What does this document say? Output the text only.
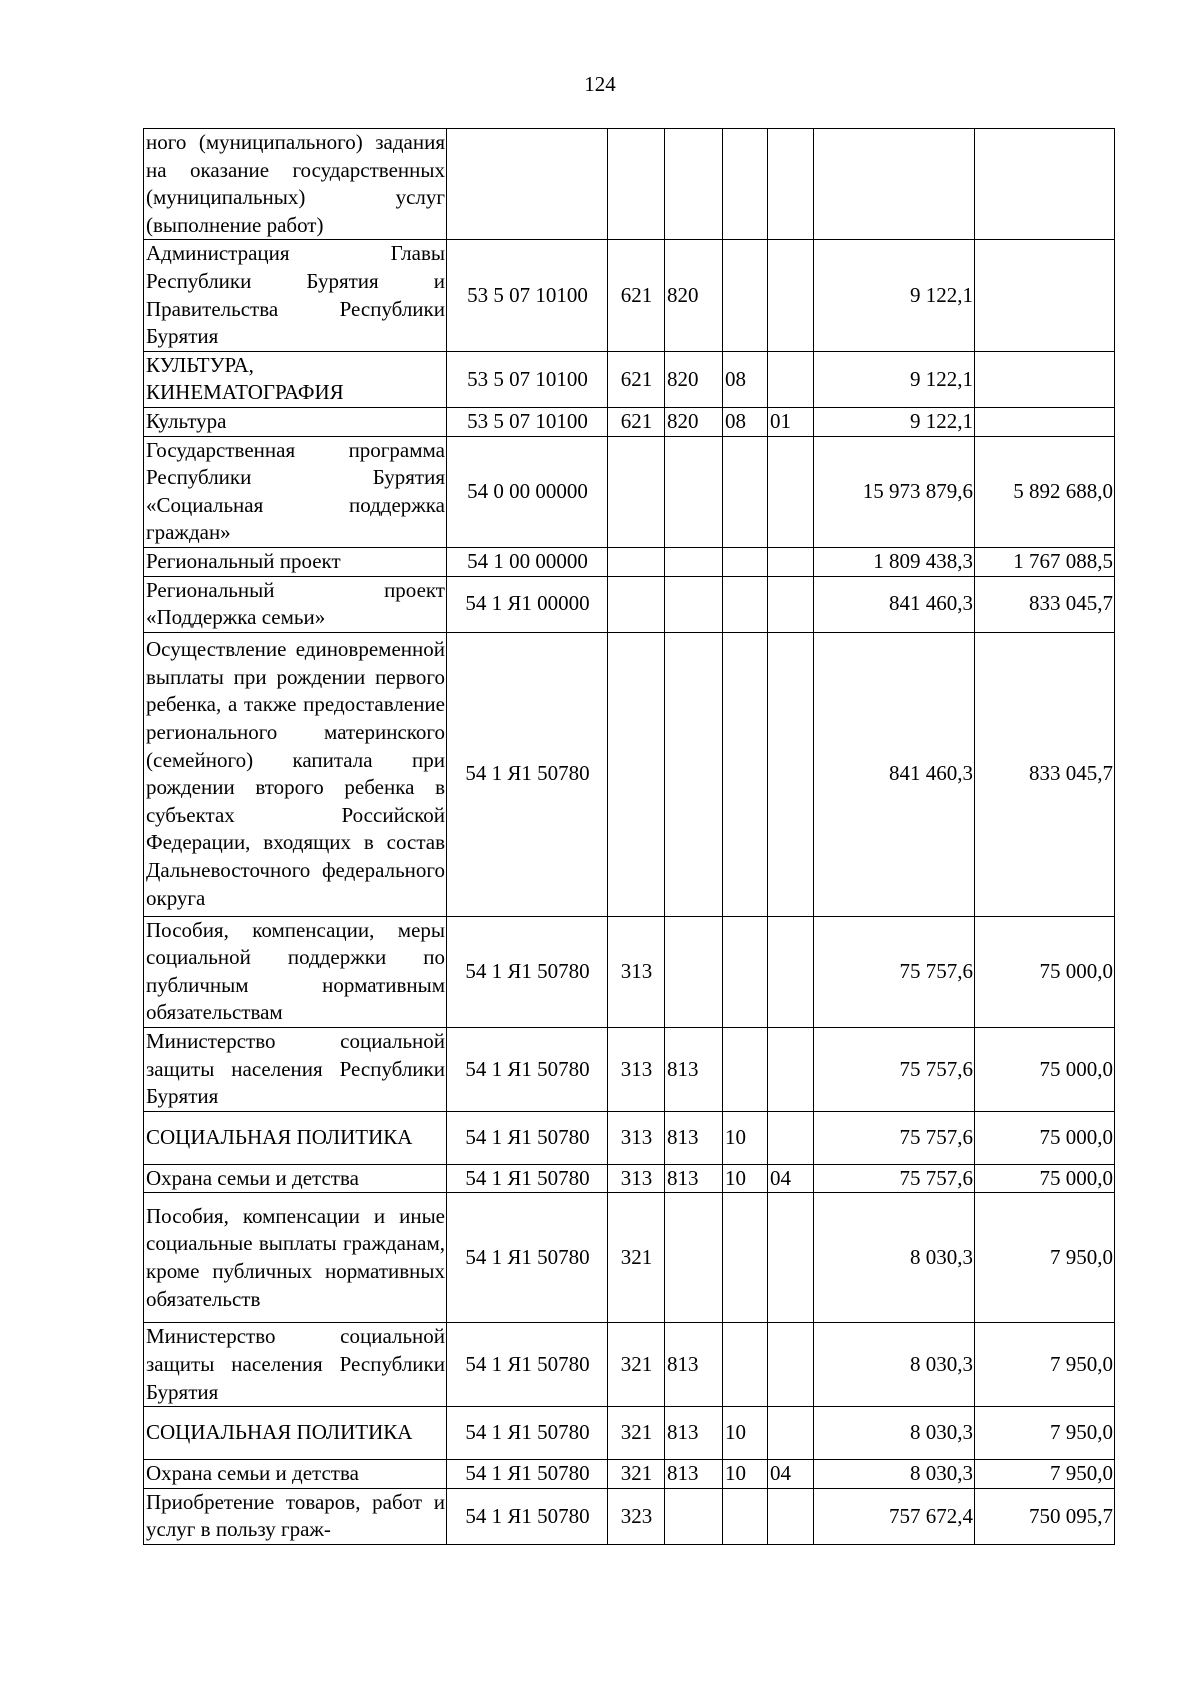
124
ного (муниципального) задания на оказание государственных (муниципальных) услуг (выполнение работ)							
Администрация Главы Республики Бурятия и Правительства Республики Бурятия	53 5 07 10100	621	820			9 122,1	
КУЛЬТУРА, КИНЕМАТОГРАФИЯ	53 5 07 10100	621	820	08		9 122,1	
Культура	53 5 07 10100	621	820	08	01	9 122,1	
Государственная программа Республики Бурятия «Социальная поддержка граждан»	54 0 00 00000					15 973 879,6	5 892 688,0
Региональный проект	54 1 00 00000					1 809 438,3	1 767 088,5
Региональный проект «Поддержка семьи»	54 1 Я1 00000					841 460,3	833 045,7
Осуществление единовременной выплаты при рождении первого ребенка, а также предоставление регионального материнского (семейного) капитала при рождении второго ребенка в субъектах Российской Федерации, входящих в состав Дальневосточного федерального округа	54 1 Я1 50780					841 460,3	833 045,7
Пособия, компенсации, меры социальной поддержки по публичным нормативным обязательствам	54 1 Я1 50780	313				75 757,6	75 000,0
Министерство социальной защиты населения Республики Бурятия	54 1 Я1 50780	313	813			75 757,6	75 000,0
СОЦИАЛЬНАЯ ПОЛИТИКА	54 1 Я1 50780	313	813	10		75 757,6	75 000,0
Охрана семьи и детства	54 1 Я1 50780	313	813	10	04	75 757,6	75 000,0
Пособия, компенсации и иные социальные выплаты гражданам, кроме публичных нормативных обязательств	54 1 Я1 50780	321				8 030,3	7 950,0
Министерство социальной защиты населения Республики Бурятия	54 1 Я1 50780	321	813			8 030,3	7 950,0
СОЦИАЛЬНАЯ ПОЛИТИКА	54 1 Я1 50780	321	813	10		8 030,3	7 950,0
Охрана семьи и детства	54 1 Я1 50780	321	813	10	04	8 030,3	7 950,0
Приобретение товаров, работ и услуг в пользу граж-	54 1 Я1 50780	323				757 672,4	750 095,7
